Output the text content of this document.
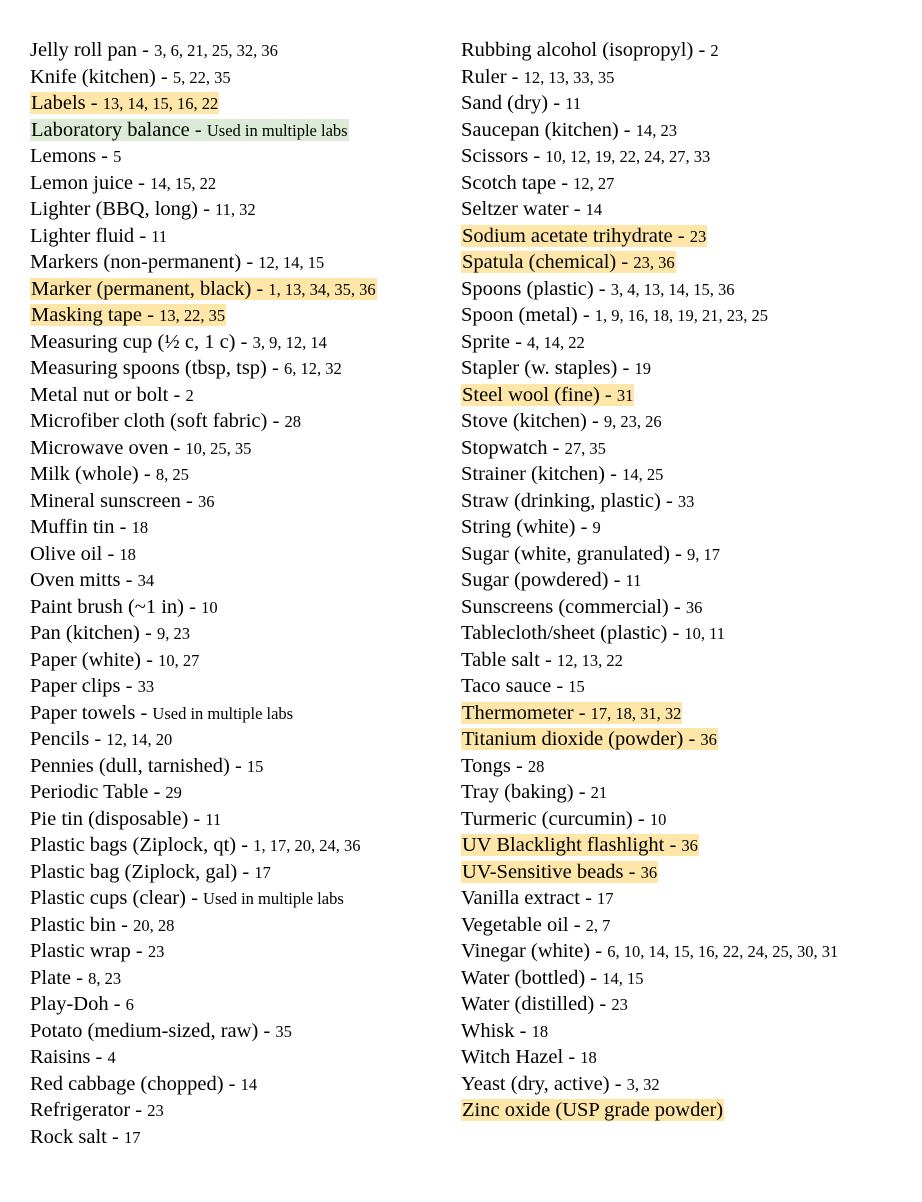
Jelly roll pan - 3, 6, 21, 25, 32, 36
Knife (kitchen) - 5, 22, 35
Labels - 13, 14, 15, 16, 22
Laboratory balance - Used in multiple labs
Lemons - 5
Lemon juice - 14, 15, 22
Lighter (BBQ, long) - 11, 32
Lighter fluid - 11
Markers (non-permanent) - 12, 14, 15
Marker (permanent, black) - 1, 13, 34, 35, 36
Masking tape - 13, 22, 35
Measuring cup (½ c, 1 c) - 3, 9, 12, 14
Measuring spoons (tbsp, tsp) - 6, 12, 32
Metal nut or bolt - 2
Microfiber cloth (soft fabric) - 28
Microwave oven - 10, 25, 35
Milk (whole) - 8, 25
Mineral sunscreen - 36
Muffin tin - 18
Olive oil - 18
Oven mitts - 34
Paint brush (~1 in) - 10
Pan (kitchen) - 9, 23
Paper (white) - 10, 27
Paper clips - 33
Paper towels - Used in multiple labs
Pencils - 12, 14, 20
Pennies (dull, tarnished) - 15
Periodic Table - 29
Pie tin (disposable) - 11
Plastic bags (Ziplock, qt) - 1, 17, 20, 24, 36
Plastic bag (Ziplock, gal) - 17
Plastic cups (clear) - Used in multiple labs
Plastic bin - 20, 28
Plastic wrap - 23
Plate - 8, 23
Play-Doh - 6
Potato (medium-sized, raw) - 35
Raisins - 4
Red cabbage (chopped) - 14
Refrigerator - 23
Rock salt - 17
Rubbing alcohol (isopropyl) - 2
Ruler - 12, 13, 33, 35
Sand (dry) - 11
Saucepan (kitchen) - 14, 23
Scissors - 10, 12, 19, 22, 24, 27, 33
Scotch tape - 12, 27
Seltzer water - 14
Sodium acetate trihydrate - 23
Spatula (chemical) - 23, 36
Spoons (plastic) - 3, 4, 13, 14, 15, 36
Spoon (metal) - 1, 9, 16, 18, 19, 21, 23, 25
Sprite - 4, 14, 22
Stapler (w. staples) - 19
Steel wool (fine) - 31
Stove (kitchen) - 9, 23, 26
Stopwatch - 27, 35
Strainer (kitchen) - 14, 25
Straw (drinking, plastic) - 33
String (white) - 9
Sugar (white, granulated) - 9, 17
Sugar (powdered) - 11
Sunscreens (commercial) - 36
Tablecloth/sheet (plastic) - 10, 11
Table salt - 12, 13, 22
Taco sauce - 15
Thermometer - 17, 18, 31, 32
Titanium dioxide (powder) - 36
Tongs - 28
Tray (baking) - 21
Turmeric (curcumin) - 10
UV Blacklight flashlight - 36
UV-Sensitive beads - 36
Vanilla extract - 17
Vegetable oil - 2, 7
Vinegar (white) - 6, 10, 14, 15, 16, 22, 24, 25, 30, 31
Water (bottled) - 14, 15
Water (distilled) - 23
Whisk - 18
Witch Hazel - 18
Yeast (dry, active) - 3, 32
Zinc oxide (USP grade powder)
